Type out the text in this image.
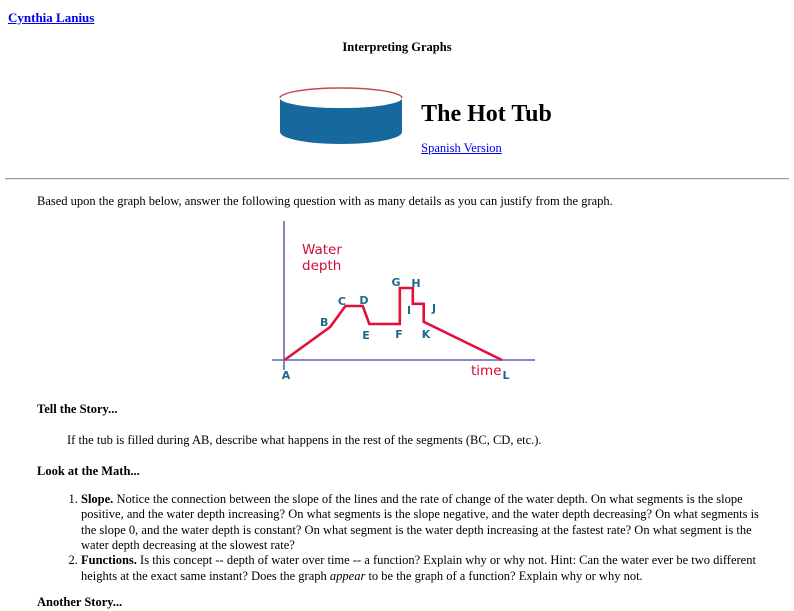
Cynthia Lanius

Interpreting Graphs

The Hot Tub
Spanish Version

Based upon the graph below, answer the following question with as many details as you can justify from the graph.

Water depth
time
A
B
C D
E F
G H
I J
K
L

Tell the Story...

If the tub is filled during AB, describe what happens in the rest of the segments (BC, CD, etc.).

Look at the Math...

1. Slope. Notice the connection between the slope of the lines and the rate of change of the water depth. On what segments is the slope positive, and the water depth increasing? On what segments is the slope negative, and the water depth decreasing? On what segments is the slope 0, and the water depth is constant? On what segment is the water depth increasing at the fastest rate? On what segment is the water depth decreasing at the slowest rate?
2. Functions. Is this concept -- depth of water over time -- a function? Explain why or why not. Hint: Can the water ever be two different heights at the exact same instant? Does the graph appear to be the graph of a function? Explain why or why not.

Another Story...
